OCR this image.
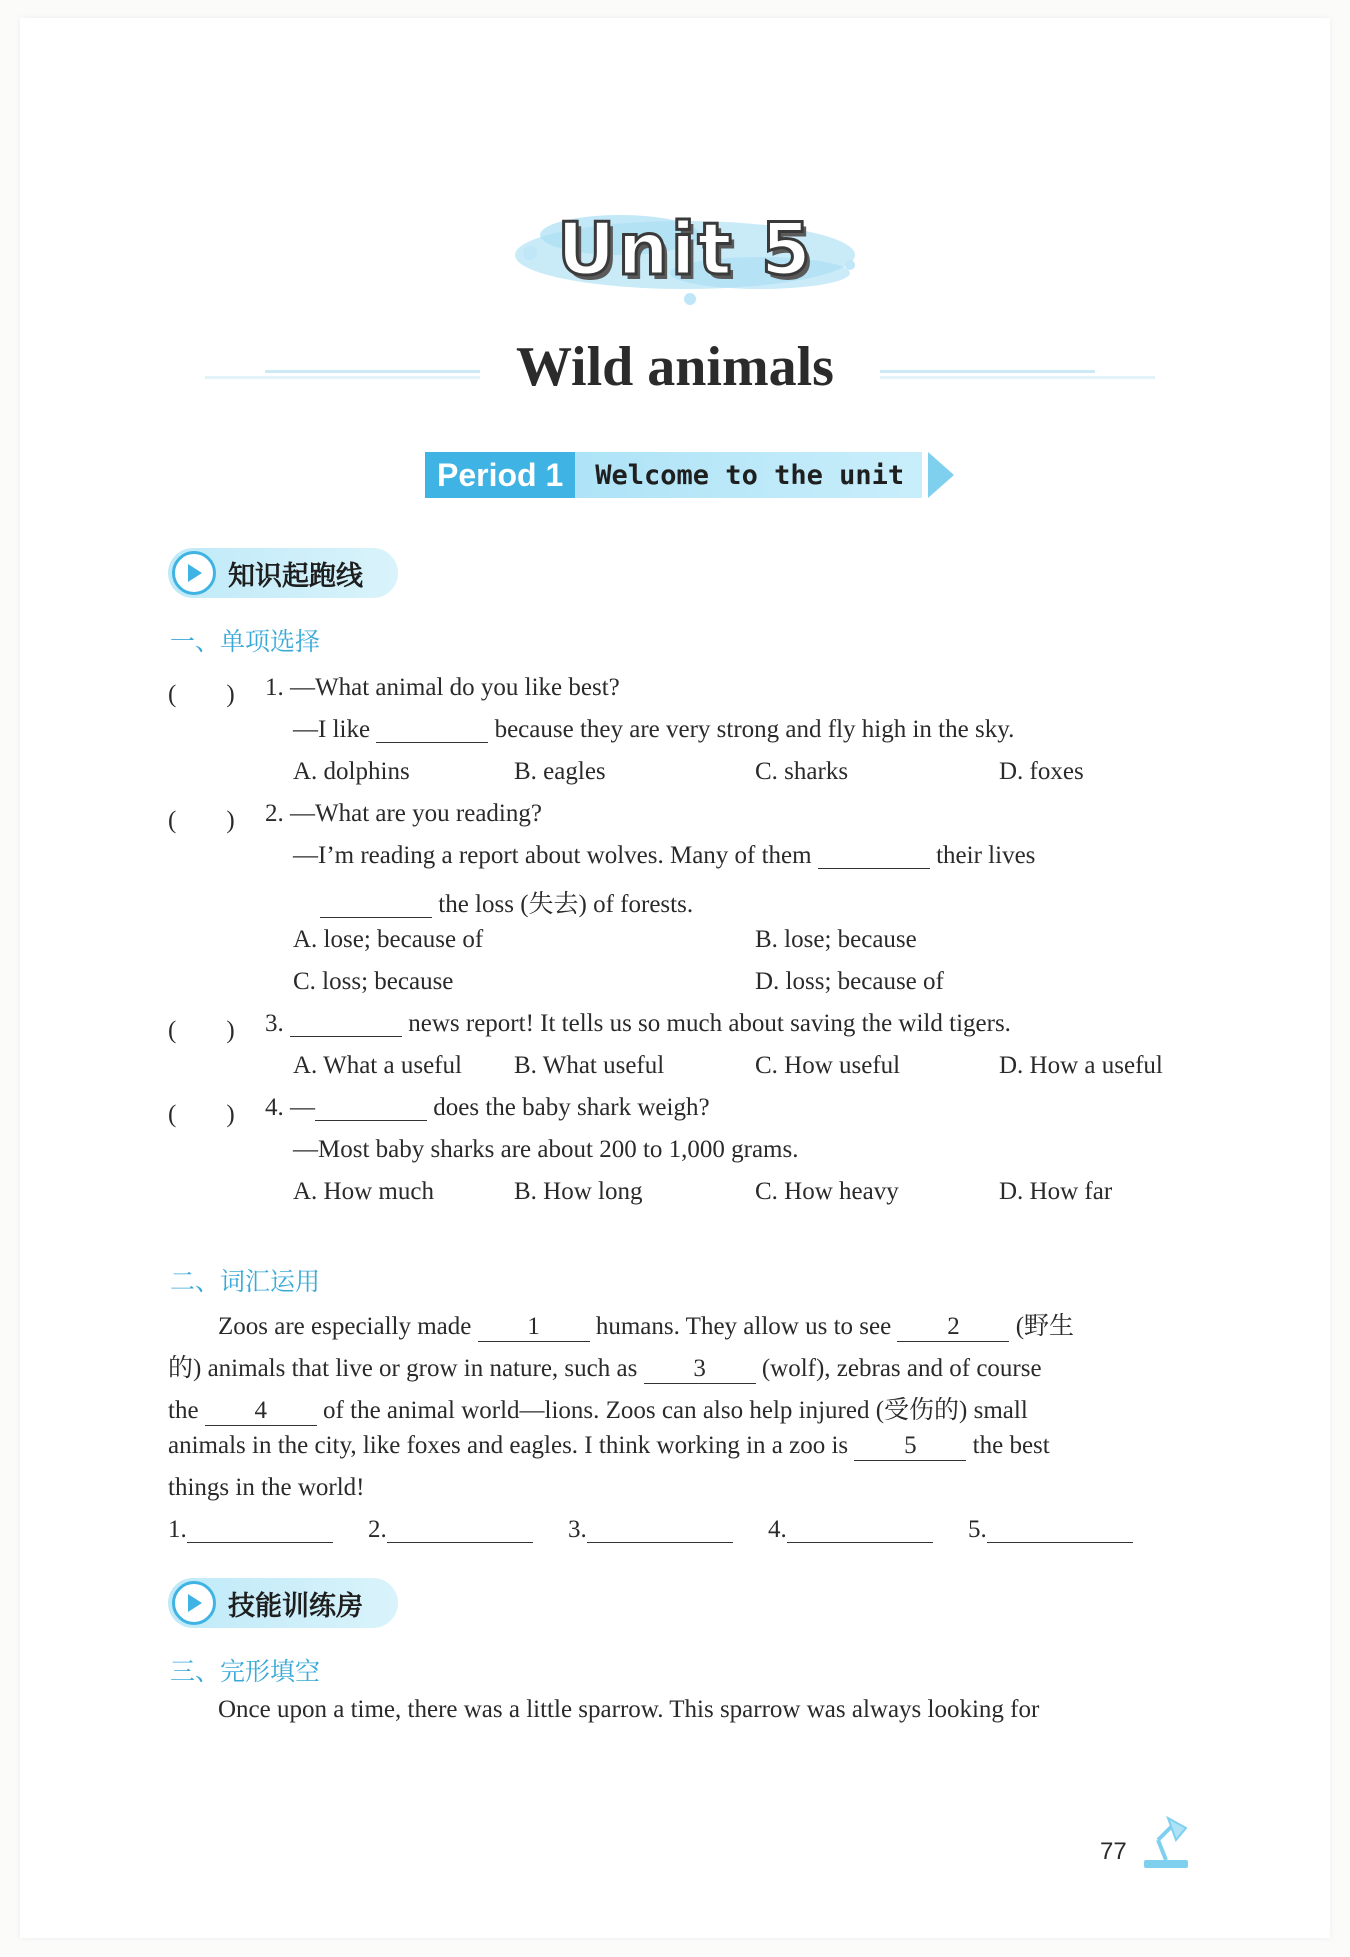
Unit 5
Wild animals
Period 1	Welcome to the unit
知识起跑线
一、单项选择
(　　) 1. —What animal do you like best?
—I like	because they are very strong and fly high in the sky.
A. dolphins	B. eagles	C. sharks	D. foxes
(　　) 2. —What are you reading?
—I’m reading a report about wolves. Many of them	their lives
the loss (失去) of forests.
A. lose; because of	B. lose; because
C. loss; because	D. loss; because of
(　　) 3.	news report! It tells us so much about saving the wild tigers.
A. What a useful B. What useful	C. How useful	D. How a useful
(　　) 4. —	does the baby shark weigh?
—Most baby sharks are about 200 to 1,000 grams.
A. How much	B. How long	C. How heavy	D. How far
二、词汇运用
Zoos are especially made 1 humans. They allow us to see 2 (野生
的) animals that live or grow in nature, such as 3 (wolf), zebras and of course
the 4 of the animal world—lions. Zoos can also help injured (受伤的) small
animals in the city, like foxes and eagles. I think working in a zoo is 5 the best
things in the world!
1.	2.	3.	4.	5.
技能训练房
三、完形填空
Once upon a time, there was a little sparrow. This sparrow was always looking for
77
